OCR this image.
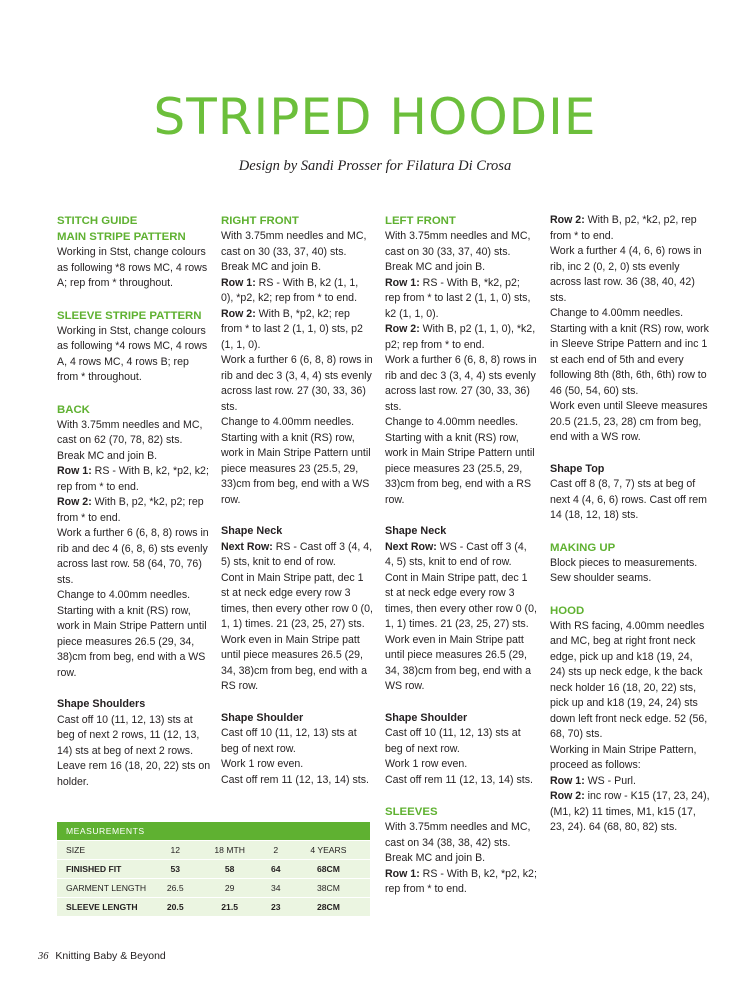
STRIPED HOODIE
Design by Sandi Prosser for Filatura Di Crosa
STITCH GUIDE
MAIN STRIPE PATTERN

Working in Stst, change colours as following *8 rows MC, 4 rows A; rep from * throughout.

SLEEVE STRIPE PATTERN

Working in Stst, change colours as following *4 rows MC, 4 rows A, 4 rows MC, 4 rows B; rep from * throughout.

BACK

With 3.75mm needles and MC, cast on 62 (70, 78, 82) sts. Break MC and join B.

Row 1: RS - With B, k2, *p2, k2; rep from * to end.

Row 2: With B, p2, *k2, p2; rep from * to end.

Work a further 6 (6, 8, 8) rows in rib and dec 4 (6, 8, 6) sts evenly across last row. 58 (64, 70, 76) sts.

Change to 4.00mm needles. Starting with a knit (RS) row, work in Main Stripe Pattern until piece measures 26.5 (29, 34, 38)cm from beg, end with a WS row.

Shape Shoulders

Cast off 10 (11, 12, 13) sts at beg of next 2 rows, 11 (12, 13, 14) sts at beg of next 2 rows. Leave rem 16 (18, 20, 22) sts on holder.

RIGHT FRONT

With 3.75mm needles and MC, cast on 30 (33, 37, 40) sts. Break MC and join B.

Row 1: RS - With B, k2 (1, 1, 0), *p2, k2; rep from * to end.

Row 2: With B, *p2, k2; rep from * to last 2 (1, 1, 0) sts, p2 (1, 1, 0).

Work a further 6 (6, 8, 8) rows in rib and dec 3 (3, 4, 4) sts evenly across last row. 27 (30, 33, 36) sts.

Change to 4.00mm needles. Starting with a knit (RS) row, work in Main Stripe Pattern until piece measures 23 (25.5, 29, 33)cm from beg, end with a WS row.

Shape Neck

Next Row: RS - Cast off 3 (4, 4, 5) sts, knit to end of row.

Cont in Main Stripe patt, dec 1 st at neck edge every row 3 times, then every other row 0 (0, 1, 1) times. 21 (23, 25, 27) sts.

Work even in Main Stripe patt until piece measures 26.5 (29, 34, 38)cm from beg, end with a RS row.

Shape Shoulder

Cast off 10 (11, 12, 13) sts at beg of next row.

Work 1 row even.

Cast off rem 11 (12, 13, 14) sts.

LEFT FRONT

With 3.75mm needles and MC, cast on 30 (33, 37, 40) sts. Break MC and join B.

Row 1: RS - With B, *k2, p2; rep from * to last 2 (1, 1, 0) sts, k2 (1, 1, 0).

Row 2: With B, p2 (1, 1, 0), *k2, p2; rep from * to end.

Work a further 6 (6, 8, 8) rows in rib and dec 3 (3, 4, 4) sts evenly across last row. 27 (30, 33, 36) sts.

Change to 4.00mm needles. Starting with a knit (RS) row, work in Main Stripe Pattern until piece measures 23 (25.5, 29, 33)cm from beg, end with a RS row.

Shape Neck

Next Row: WS - Cast off 3 (4, 4, 5) sts, knit to end of row.

Cont in Main Stripe patt, dec 1 st at neck edge every row 3 times, then every other row 0 (0, 1, 1) times. 21 (23, 25, 27) sts.

Work even in Main Stripe patt until piece measures 26.5 (29, 34, 38)cm from beg, end with a WS row.

Shape Shoulder

Cast off 10 (11, 12, 13) sts at beg of next row.

Work 1 row even.

Cast off rem 11 (12, 13, 14) sts.

SLEEVES

With 3.75mm needles and MC, cast on 34 (38, 38, 42) sts. Break MC and join B.

Row 1: RS - With B, k2, *p2, k2; rep from * to end.

Row 2: With B, p2, *k2, p2, rep from * to end.

Work a further 4 (4, 6, 6) rows in rib, inc 2 (0, 2, 0) sts evenly across last row. 36 (38, 40, 42) sts.

Change to 4.00mm needles. Starting with a knit (RS) row, work in Sleeve Stripe Pattern and inc 1 st each end of 5th and every following 8th (8th, 6th, 6th) row to 46 (50, 54, 60) sts.

Work even until Sleeve measures 20.5 (21.5, 23, 28) cm from beg, end with a WS row.

Shape Top

Cast off 8 (8, 7, 7) sts at beg of next 4 (4, 6, 6) rows. Cast off rem 14 (18, 12, 18) sts.

MAKING UP

Block pieces to measurements. Sew shoulder seams.

HOOD

With RS facing, 4.00mm needles and MC, beg at right front neck edge, pick up and k18 (19, 24, 24) sts up neck edge, k the back neck holder 16 (18, 20, 22) sts, pick up and k18 (19, 24, 24) sts down left front neck edge. 52 (56, 68, 70) sts.

Working in Main Stripe Pattern, proceed as follows:

Row 1: WS - Purl.

Row 2: inc row - K15 (17, 23, 24), (M1, k2) 11 times, M1, k15 (17, 23, 24). 64 (68, 80, 82) sts.

MEASUREMENTS
SIZE	12	18 MTH	2	4 YEARS
FINISHED FIT	53	58	64	68CM
GARMENT LENGTH	26.5	29	34	38CM
SLEEVE LENGTH	20.5	21.5	23	28CM
36 Knitting Baby & Beyond
